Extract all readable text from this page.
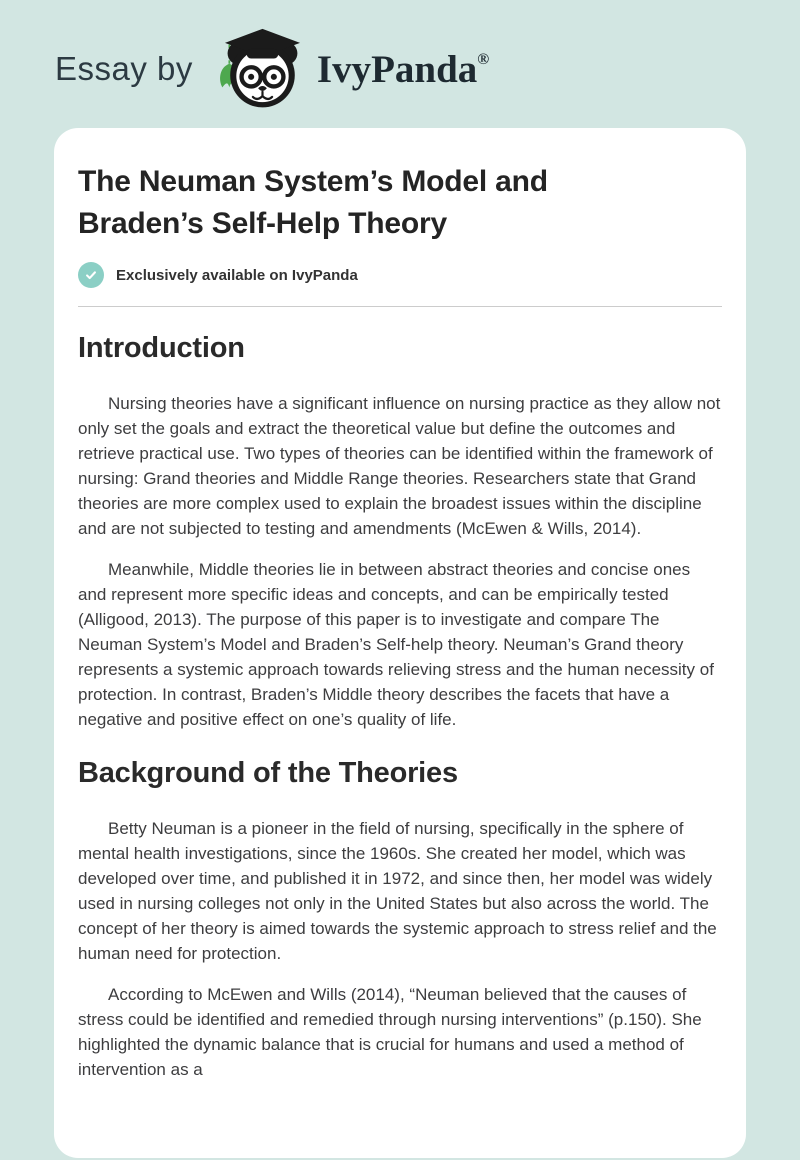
Essay by	IvyPanda®
The Neuman System’s Model and Braden’s Self-Help Theory
Exclusively available on IvyPanda
Introduction

Nursing theories have a significant influence on nursing practice as they allow not only set the goals and extract the theoretical value but define the outcomes and retrieve practical use. Two types of theories can be identified within the framework of nursing: Grand theories and Middle Range theories. Researchers state that Grand theories are more complex used to explain the broadest issues within the discipline and are not subjected to testing and amendments (McEwen & Wills, 2014).

Meanwhile, Middle theories lie in between abstract theories and concise ones and represent more specific ideas and concepts, and can be empirically tested (Alligood, 2013). The purpose of this paper is to investigate and compare The Neuman System’s Model and Braden’s Self-help theory. Neuman’s Grand theory represents a systemic approach towards relieving stress and the human necessity of protection. In contrast, Braden’s Middle theory describes the facets that have a negative and positive effect on one’s quality of life.

Background of the Theories

Betty Neuman is a pioneer in the field of nursing, specifically in the sphere of mental health investigations, since the 1960s. She created her model, which was developed over time, and published it in 1972, and since then, her model was widely used in nursing colleges not only in the United States but also across the world. The concept of her theory is aimed towards the systemic approach to stress relief and the human need for protection.

According to McEwen and Wills (2014), “Neuman believed that the causes of stress could be identified and remedied through nursing interventions” (p.150). She highlighted the dynamic balance that is crucial for humans and used a method of intervention as a
